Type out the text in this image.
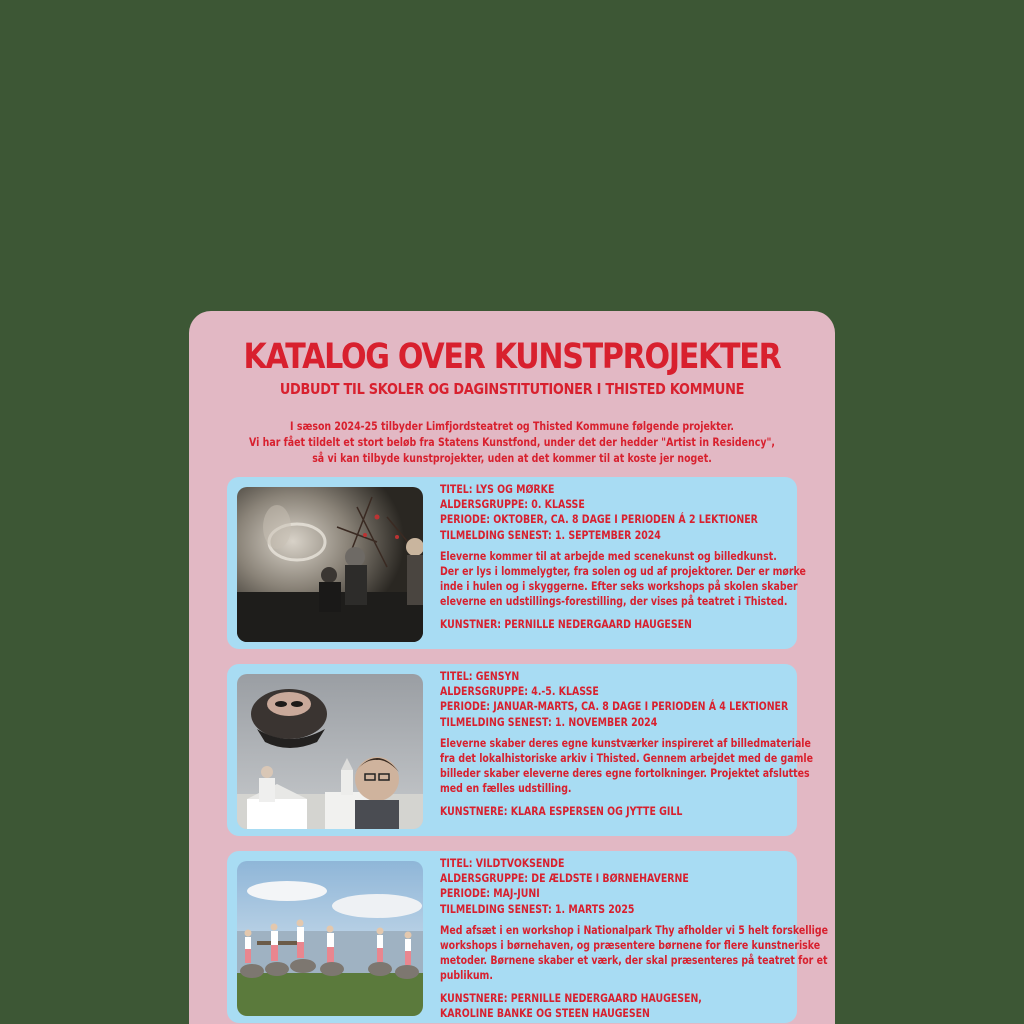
KATALOG OVER KUNSTPROJEKTER
UDBUDT TIL SKOLER OG DAGINSTITUTIONER I THISTED KOMMUNE
I sæson 2024-25 tilbyder Limfjordsteatret og Thisted Kommune følgende projekter.
Vi har fået tildelt et stort beløb fra Statens Kunstfond, under det der hedder "Artist in Residency",
så vi kan tilbyde kunstprojekter, uden at det kommer til at koste jer noget.
TITEL: LYS OG MØRKE
ALDERSGRUPPE: 0. KLASSE
PERIODE: OKTOBER, CA. 8 DAGE I PERIODEN Á 2 LEKTIONER
TILMELDING SENEST: 1. SEPTEMBER 2024
Eleverne kommer til at arbejde med scenekunst og billedkunst.
Der er lys i lommelygter, fra solen og ud af projektorer. Der er mørke
inde i hulen og i skyggerne. Efter seks workshops på skolen skaber
eleverne en udstillings-forestilling, der vises på teatret i Thisted.
KUNSTNER: PERNILLE NEDERGAARD HAUGESEN
TITEL: GENSYN
ALDERSGRUPPE: 4.-5. KLASSE
PERIODE: JANUAR-MARTS, CA. 8 DAGE I PERIODEN Á 4 LEKTIONER
TILMELDING SENEST: 1. NOVEMBER 2024
Eleverne skaber deres egne kunstværker inspireret af billedmateriale
fra det lokalhistoriske arkiv i Thisted. Gennem arbejdet med de gamle
billeder skaber eleverne deres egne fortolkninger. Projektet afsluttes
med en fælles udstilling.
KUNSTNERE: KLARA ESPERSEN OG JYTTE GILL
TITEL: VILDTVOKSENDE
ALDERSGRUPPE: DE ÆLDSTE I BØRNEHAVERNE
PERIODE: MAJ-JUNI
TILMELDING SENEST: 1. MARTS 2025
Med afsæt i en workshop i Nationalpark Thy afholder vi 5 helt forskellige
workshops i børnehaven, og præsentere børnene for flere kunstneriske
metoder. Børnene skaber et værk, der skal præsenteres på teatret for et
publikum.
KUNSTNERE: PERNILLE NEDERGAARD HAUGESEN,
KAROLINE BANKE OG STEEN HAUGESEN
